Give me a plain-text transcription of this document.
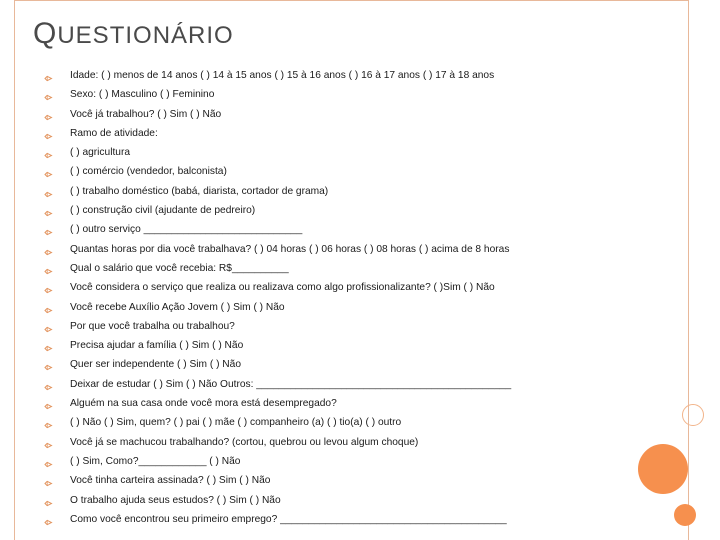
QUESTIONÁRIO
Idade: ( ) menos de 14 anos ( ) 14 à 15 anos ( ) 15 à 16 anos ( ) 16 à 17 anos ( ) 17 à 18 anos
Sexo: ( ) Masculino ( ) Feminino
Você já trabalhou? ( ) Sim ( ) Não
Ramo de atividade:
( ) agricultura
( ) comércio (vendedor, balconista)
( ) trabalho doméstico (babá, diarista, cortador de grama)
( ) construção civil (ajudante de pedreiro)
( ) outro serviço ____________________________
Quantas horas por dia você trabalhava? ( ) 04 horas ( ) 06 horas ( ) 08 horas ( ) acima de 8 horas
Qual o salário que você recebia: R$__________
Você considera o serviço que realiza ou realizava como algo profissionalizante? ( )Sim ( ) Não
Você recebe Auxílio Ação Jovem ( ) Sim ( ) Não
Por que você trabalha ou trabalhou?
Precisa ajudar a família ( ) Sim ( ) Não
Quer ser independente ( ) Sim ( ) Não
Deixar de estudar ( ) Sim ( ) Não Outros: _____________________________________________
Alguém na sua casa onde você mora está desempregado?
( ) Não ( ) Sim, quem? ( ) pai ( ) mãe ( ) companheiro (a) ( ) tio(a) ( ) outro
Você já se machucou trabalhando? (cortou, quebrou ou levou algum choque)
( ) Sim, Como?____________ ( ) Não
Você tinha carteira assinada? ( ) Sim ( ) Não
O trabalho ajuda seus estudos? ( ) Sim ( ) Não
Como você encontrou seu primeiro emprego? ________________________________________
